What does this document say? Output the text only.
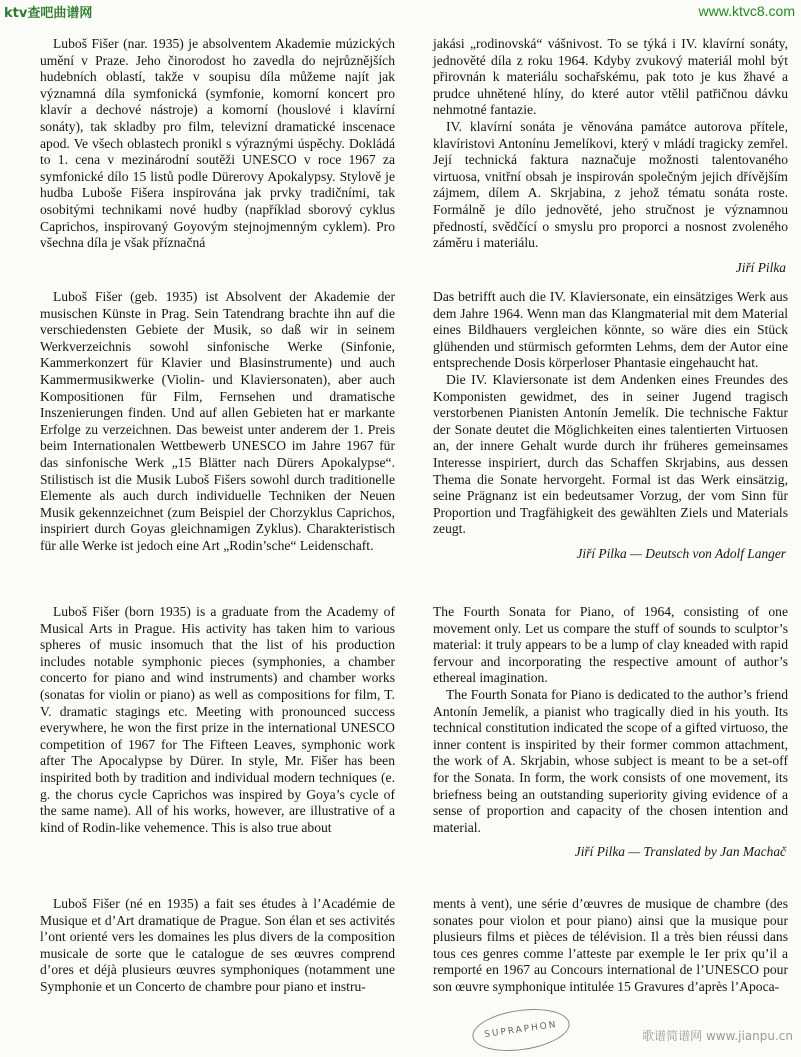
ktv查吧曲谱网	www.ktvc8.com

Luboš Fišer (nar. 1935) je absolventem Akademie múzických umění v Praze. Jeho činorodost ho zavedla do nejrůznějších hudebních oblastí, takže v soupisu díla můžeme najít jak významná díla symfonická (symfonie, komorní koncert pro klavír a dechové nástroje) a komorní (houslové i klavírní sonáty), tak skladby pro film, televizní dramatické inscenace apod. Ve všech oblastech pronikl s výraznými úspěchy. Dokládá to 1. cena v mezinárodní soutěži UNESCO v roce 1967 za symfonické dílo 15 listů podle Dürerovy Apokalypsy. Stylově je hudba Luboše Fišera inspirována jak prvky tradičními, tak osobitými technikami nové hudby (například sborový cyklus Caprichos, inspirovaný Goyovým stejnojmenným cyklem). Pro všechna díla je však příznačná

jakási „rodinovská“ vášnivost. To se týká i IV. klavírní sonáty, jednověté díla z roku 1964. Kdyby zvukový materiál mohl být přirovnán k materiálu sochařskému, pak toto je kus žhavé a prudce uhnětené hlíny, do které autor vtělil patřičnou dávku nehmotné fantazie.

IV. klavírní sonáta je věnována památce autorova přítele, klavíristovi Antonínu Jemelíkovi, který v mládí tragicky zemřel. Její technická faktura naznačuje možnosti talentovaného virtuosa, vnitřní obsah je inspirován společným jejich dřívějším zájmem, dílem A. Skrjabina, z jehož tématu sonáta roste. Formálně je dílo jednověté, jeho stručnost je významnou předností, svědčící o smyslu pro proporci a nosnost zvoleného záměru i materiálu.

Jiří Pilka

Luboš Fišer (geb. 1935) ist Absolvent der Akademie der musischen Künste in Prag. Sein Tatendrang brachte ihn auf die verschiedensten Gebiete der Musik, so daß wir in seinem Werkverzeichnis sowohl sinfonische Werke (Sinfonie, Kammerkonzert für Klavier und Blasinstrumente) und auch Kammermusikwerke (Violin- und Klaviersonaten), aber auch Kompositionen für Film, Fernsehen und dramatische Inszenierungen finden. Und auf allen Gebieten hat er markante Erfolge zu verzeichnen. Das beweist unter anderem der 1. Preis beim Internationalen Wettbewerb UNESCO im Jahre 1967 für das sinfonische Werk „15 Blätter nach Dürers Apokalypse“. Stilistisch ist die Musik Luboš Fišers sowohl durch traditionelle Elemente als auch durch individuelle Techniken der Neuen Musik gekennzeichnet (zum Beispiel der Chorzyklus Caprichos, inspiriert durch Goyas gleichnamigen Zyklus). Charakteristisch für alle Werke ist jedoch eine Art „Rodin’sche“ Leidenschaft.

Das betrifft auch die IV. Klaviersonate, ein einsätziges Werk aus dem Jahre 1964. Wenn man das Klangmaterial mit dem Material eines Bildhauers vergleichen könnte, so wäre dies ein Stück glühenden und stürmisch geformten Lehms, dem der Autor eine entsprechende Dosis körperloser Phantasie eingehaucht hat.

Die IV. Klaviersonate ist dem Andenken eines Freundes des Komponisten gewidmet, des in seiner Jugend tragisch verstorbenen Pianisten Antonín Jemelík. Die technische Faktur der Sonate deutet die Möglichkeiten eines talentierten Virtuosen an, der innere Gehalt wurde durch ihr früheres gemeinsames Interesse inspiriert, durch das Schaffen Skrjabins, aus dessen Thema die Sonate hervorgeht. Formal ist das Werk einsätzig, seine Prägnanz ist ein bedeutsamer Vorzug, der vom Sinn für Proportion und Tragfähigkeit des gewählten Ziels und Materials zeugt.

Jiří Pilka — Deutsch von Adolf Langer

Luboš Fišer (born 1935) is a graduate from the Academy of Musical Arts in Prague. His activity has taken him to various spheres of music insomuch that the list of his production includes notable symphonic pieces (symphonies, a chamber concerto for piano and wind instruments) and chamber works (sonatas for violin or piano) as well as compositions for film, T. V. dramatic stagings etc. Meeting with pronounced success everywhere, he won the first prize in the international UNESCO competition of 1967 for The Fifteen Leaves, symphonic work after The Apocalypse by Dürer. In style, Mr. Fišer has been inspirited both by tradition and individual modern techniques (e. g. the chorus cycle Caprichos was inspired by Goya’s cycle of the same name). All of his works, however, are illustrative of a kind of Rodin-like vehemence. This is also true about

The Fourth Sonata for Piano, of 1964, consisting of one movement only. Let us compare the stuff of sounds to sculptor’s material: it truly appears to be a lump of clay kneaded with rapid fervour and incorporating the respective amount of author’s ethereal imagination.

The Fourth Sonata for Piano is dedicated to the author’s friend Antonín Jemelík, a pianist who tragically died in his youth. Its technical constitution indicated the scope of a gifted virtuoso, the inner content is inspirited by their former common attachment, the work of A. Skrjabin, whose subject is meant to be a set-off for the Sonata. In form, the work consists of one movement, its briefness being an outstanding superiority giving evidence of a sense of proportion and capacity of the chosen intention and material.

Jiří Pilka — Translated by Jan Machač

Luboš Fišer (né en 1935) a fait ses études à l’Académie de Musique et d’Art dramatique de Prague. Son élan et ses activités l’ont orienté vers les domaines les plus divers de la composition musicale de sorte que le catalogue de ses œuvres comprend d’ores et déjà plusieurs œuvres symphoniques (notamment une Symphonie et un Concerto de chambre pour piano et instru-

ments à vent), une série d’œuvres de musique de chambre (des sonates pour violon et pour piano) ainsi que la musique pour plusieurs films et pièces de télévision. Il a très bien réussi dans tous ces genres comme l’atteste par exemple le Ier prix qu’il a remporté en 1967 au Concours international de l’UNESCO pour son œuvre symphonique intitulée 15 Gravures d’après l’Apoca-

SUPRAPHON	歌谱简谱网 www.jianpu.cn
